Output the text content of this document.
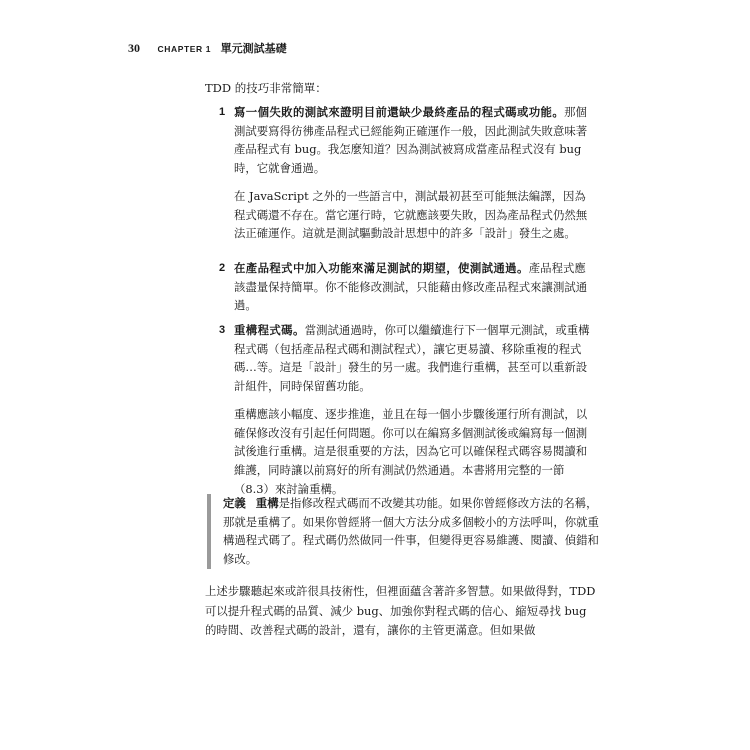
30 CHAPTER 1 單元測試基礎
TDD 的技巧非常簡單：
1 寫一個失敗的測試來證明目前還缺少最終產品的程式碼或功能。那個測試要寫得彷彿產品程式已經能夠正確運作一般，因此測試失敗意味著產品程式有 bug。我怎麼知道？因為測試被寫成當產品程式沒有 bug 時，它就會通過。

在 JavaScript 之外的一些語言中，測試最初甚至可能無法編譯，因為程式碼還不存在。當它運行時，它就應該要失敗，因為產品程式仍然無法正確運作。這就是測試驅動設計思想中的許多「設計」發生之處。

2 在產品程式中加入功能來滿足測試的期望，使測試通過。產品程式應該盡量保持簡單。你不能修改測試，只能藉由修改產品程式來讓測試通過。

3 重構程式碼。當測試通過時，你可以繼續進行下一個單元測試，或重構程式碼（包括產品程式碼和測試程式），讓它更易讀、移除重複的程式碼…等。這是「設計」發生的另一處。我們進行重構，甚至可以重新設計組件，同時保留舊功能。

重構應該小幅度、逐步推進，並且在每一個小步驟後運行所有測試，以確保修改沒有引起任何問題。你可以在編寫多個測試後或編寫每一個測試後進行重構。這是很重要的方法，因為它可以確保程式碼容易閱讀和維護，同時讓以前寫好的所有測試仍然通過。本書將用完整的一節（8.3）來討論重構。

定義 重構是指修改程式碼而不改變其功能。如果你曾經修改方法的名稱，那就是重構了。如果你曾經將一個大方法分成多個較小的方法呼叫，你就重構過程式碼了。程式碼仍然做同一件事，但變得更容易維護、閱讀、偵錯和修改。

上述步驟聽起來或許很具技術性，但裡面蘊含著許多智慧。如果做得對，TDD 可以提升程式碼的品質、減少 bug、加強你對程式碼的信心、縮短尋找 bug 的時間、改善程式碼的設計，還有，讓你的主管更滿意。但如果做
